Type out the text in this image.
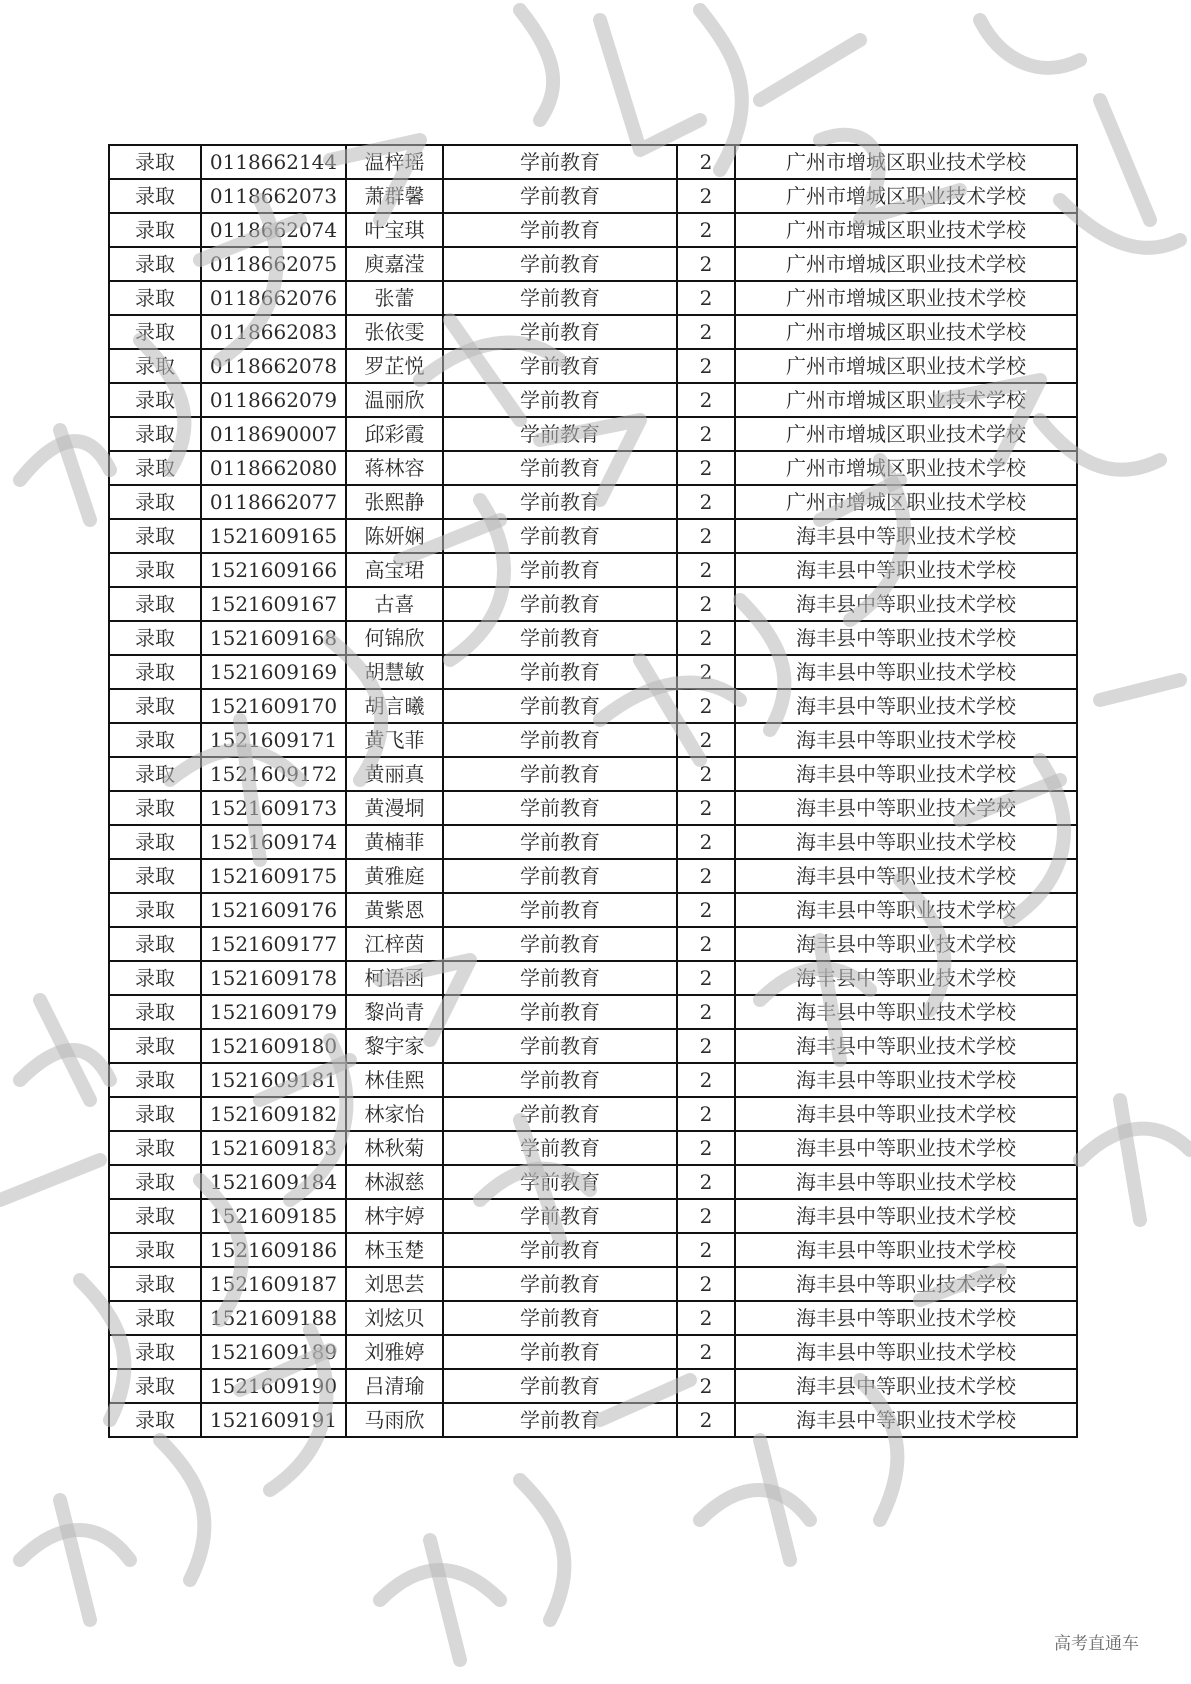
录取	0118662144	温梓瑶	学前教育	2	广州市增城区职业技术学校
录取	0118662073	萧群馨	学前教育	2	广州市增城区职业技术学校
录取	0118662074	叶宝琪	学前教育	2	广州市增城区职业技术学校
录取	0118662075	庾嘉滢	学前教育	2	广州市增城区职业技术学校
录取	0118662076	张蕾	学前教育	2	广州市增城区职业技术学校
录取	0118662083	张依雯	学前教育	2	广州市增城区职业技术学校
录取	0118662078	罗芷悦	学前教育	2	广州市增城区职业技术学校
录取	0118662079	温丽欣	学前教育	2	广州市增城区职业技术学校
录取	0118690007	邱彩霞	学前教育	2	广州市增城区职业技术学校
录取	0118662080	蒋林容	学前教育	2	广州市增城区职业技术学校
录取	0118662077	张熙静	学前教育	2	广州市增城区职业技术学校
录取	1521609165	陈妍娴	学前教育	2	海丰县中等职业技术学校
录取	1521609166	高宝珺	学前教育	2	海丰县中等职业技术学校
录取	1521609167	古喜	学前教育	2	海丰县中等职业技术学校
录取	1521609168	何锦欣	学前教育	2	海丰县中等职业技术学校
录取	1521609169	胡慧敏	学前教育	2	海丰县中等职业技术学校
录取	1521609170	胡言曦	学前教育	2	海丰县中等职业技术学校
录取	1521609171	黄飞菲	学前教育	2	海丰县中等职业技术学校
录取	1521609172	黄丽真	学前教育	2	海丰县中等职业技术学校
录取	1521609173	黄漫垌	学前教育	2	海丰县中等职业技术学校
录取	1521609174	黄楠菲	学前教育	2	海丰县中等职业技术学校
录取	1521609175	黄雅庭	学前教育	2	海丰县中等职业技术学校
录取	1521609176	黄紫恩	学前教育	2	海丰县中等职业技术学校
录取	1521609177	江梓茵	学前教育	2	海丰县中等职业技术学校
录取	1521609178	柯语函	学前教育	2	海丰县中等职业技术学校
录取	1521609179	黎尚青	学前教育	2	海丰县中等职业技术学校
录取	1521609180	黎宇家	学前教育	2	海丰县中等职业技术学校
录取	1521609181	林佳熙	学前教育	2	海丰县中等职业技术学校
录取	1521609182	林家怡	学前教育	2	海丰县中等职业技术学校
录取	1521609183	林秋菊	学前教育	2	海丰县中等职业技术学校
录取	1521609184	林淑慈	学前教育	2	海丰县中等职业技术学校
录取	1521609185	林宇婷	学前教育	2	海丰县中等职业技术学校
录取	1521609186	林玉楚	学前教育	2	海丰县中等职业技术学校
录取	1521609187	刘思芸	学前教育	2	海丰县中等职业技术学校
录取	1521609188	刘炫贝	学前教育	2	海丰县中等职业技术学校
录取	1521609189	刘雅婷	学前教育	2	海丰县中等职业技术学校
录取	1521609190	吕清瑜	学前教育	2	海丰县中等职业技术学校
录取	1521609191	马雨欣	学前教育	2	海丰县中等职业技术学校
高考直通车
